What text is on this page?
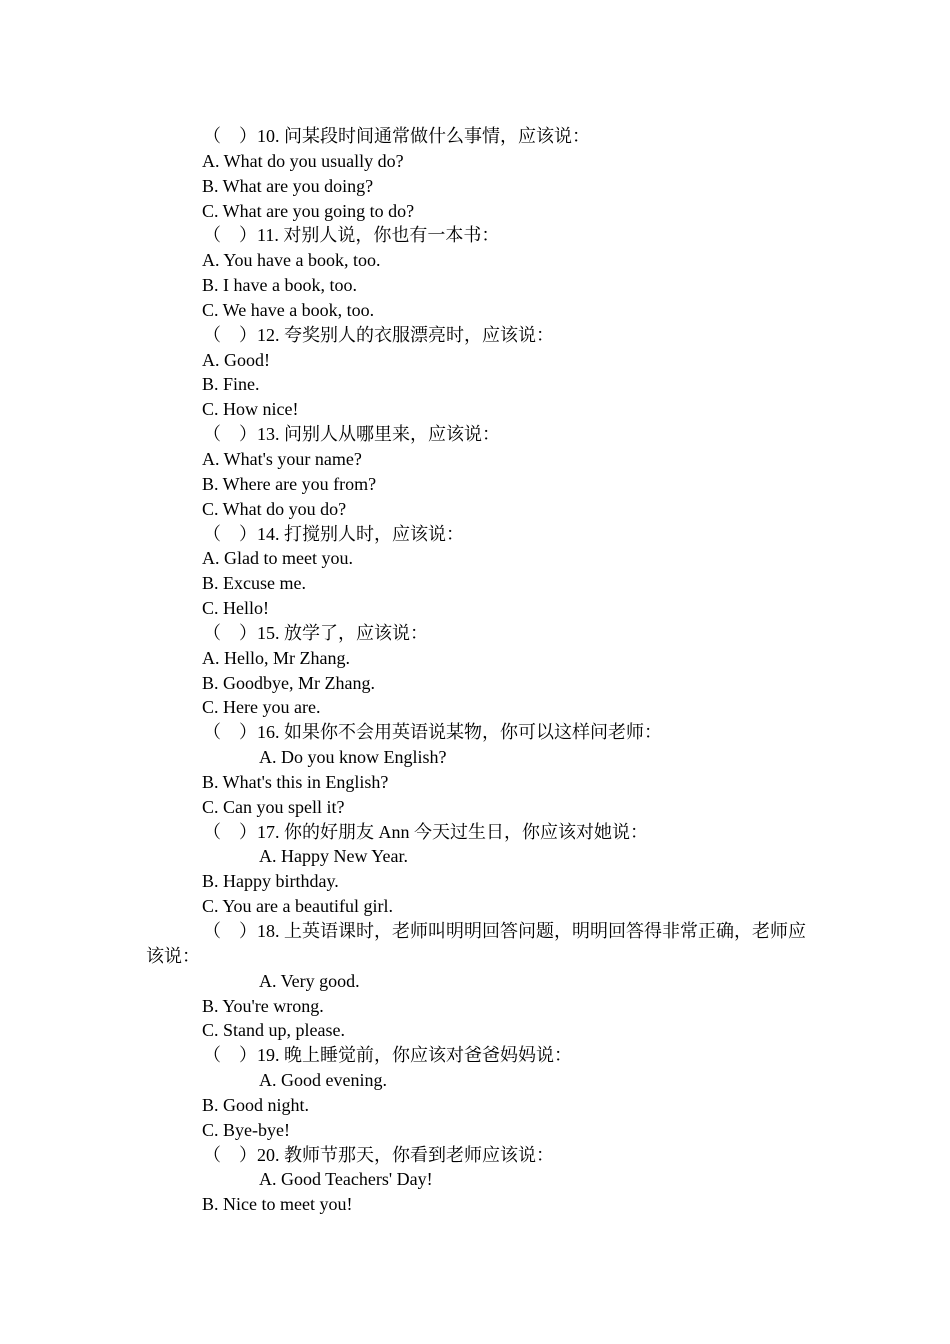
（　）10. 问某段时间通常做什么事情，应该说：
A. What do you usually do?
B. What are you doing?
C. What are you going to do?
（　）11. 对别人说，你也有一本书：
A. You have a book, too.
B. I have a book, too.
C. We have a book, too.
（　）12. 夸奖别人的衣服漂亮时，应该说：
A. Good!
B. Fine.
C. How nice!
（　）13. 问别人从哪里来，应该说：
A. What's your name?
B. Where are you from?
C. What do you do?
（　）14. 打搅别人时，应该说：
A. Glad to meet you.
B. Excuse me.
C. Hello!
（　）15. 放学了，应该说：
A. Hello, Mr Zhang.
B. Goodbye, Mr Zhang.
C. Here you are.
（　）16. 如果你不会用英语说某物，你可以这样问老师：
A. Do you know English?
B. What's this in English?
C. Can you spell it?
（　）17. 你的好朋友 Ann 今天过生日，你应该对她说：
A. Happy New Year.
B. Happy birthday.
C. You are a beautiful girl.
（　）18. 上英语课时，老师叫明明回答问题，明明回答得非常正确，老师应
该说：
A. Very good.
B. You're wrong.
C. Stand up, please.
（　）19. 晚上睡觉前，你应该对爸爸妈妈说：
A. Good evening.
B. Good night.
C. Bye-bye!
（　）20. 教师节那天，你看到老师应该说：
A. Good Teachers' Day!
B. Nice to meet you!
